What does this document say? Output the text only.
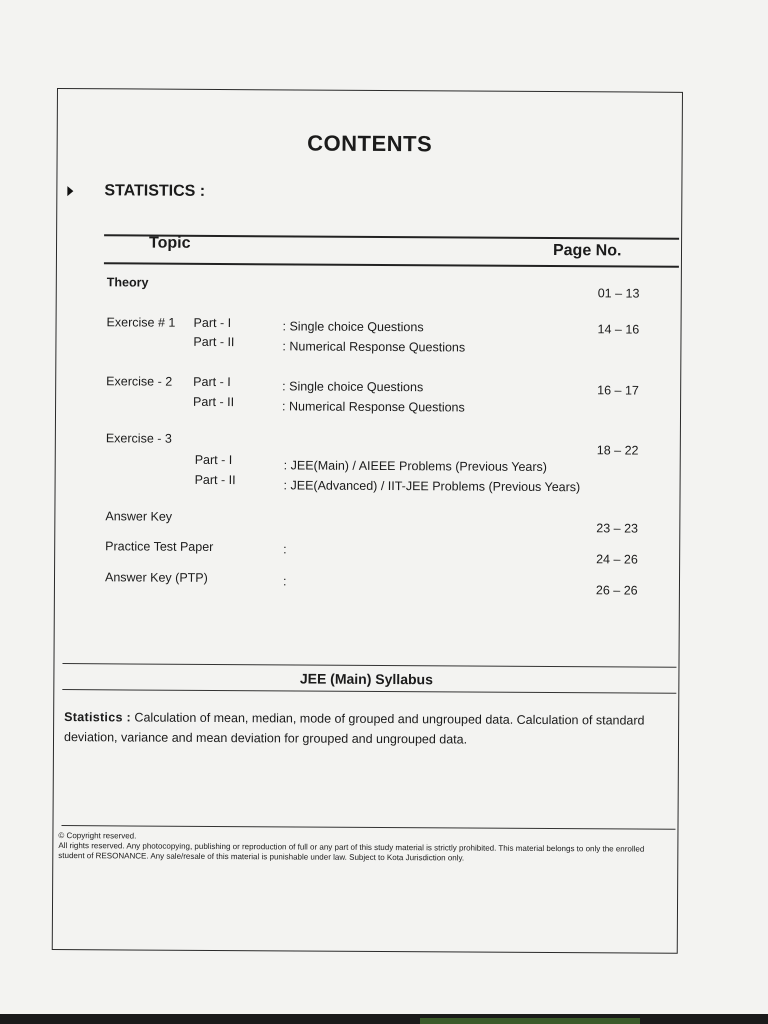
CONTENTS
STATISTICS :
Topic	Page No.
Theory
01 – 13
Exercise # 1 Part - I	: Single choice Questions
Part - II	: Numerical Response Questions
14 – 16
Exercise - 2 Part - I	: Single choice Questions
Part - II	: Numerical Response Questions
16 – 17
Exercise - 3
18 – 22
Part - I	: JEE(Main) / AIEEE Problems (Previous Years)
Part - II	: JEE(Advanced) / IIT-JEE Problems (Previous Years)
Answer Key
23 – 23
Practice Test Paper	:
24 – 26
Answer Key (PTP)	:
26 – 26
JEE (Main) Syllabus
Statistics : Calculation of mean, median, mode of grouped and ungrouped data. Calculation of standard deviation, variance and mean deviation for grouped and ungrouped data.
© Copyright reserved.
All rights reserved. Any photocopying, publishing or reproduction of full or any part of this study material is strictly prohibited. This material belongs to only the enrolled student of RESONANCE. Any sale/resale of this material is punishable under law. Subject to Kota Jurisdiction only.
